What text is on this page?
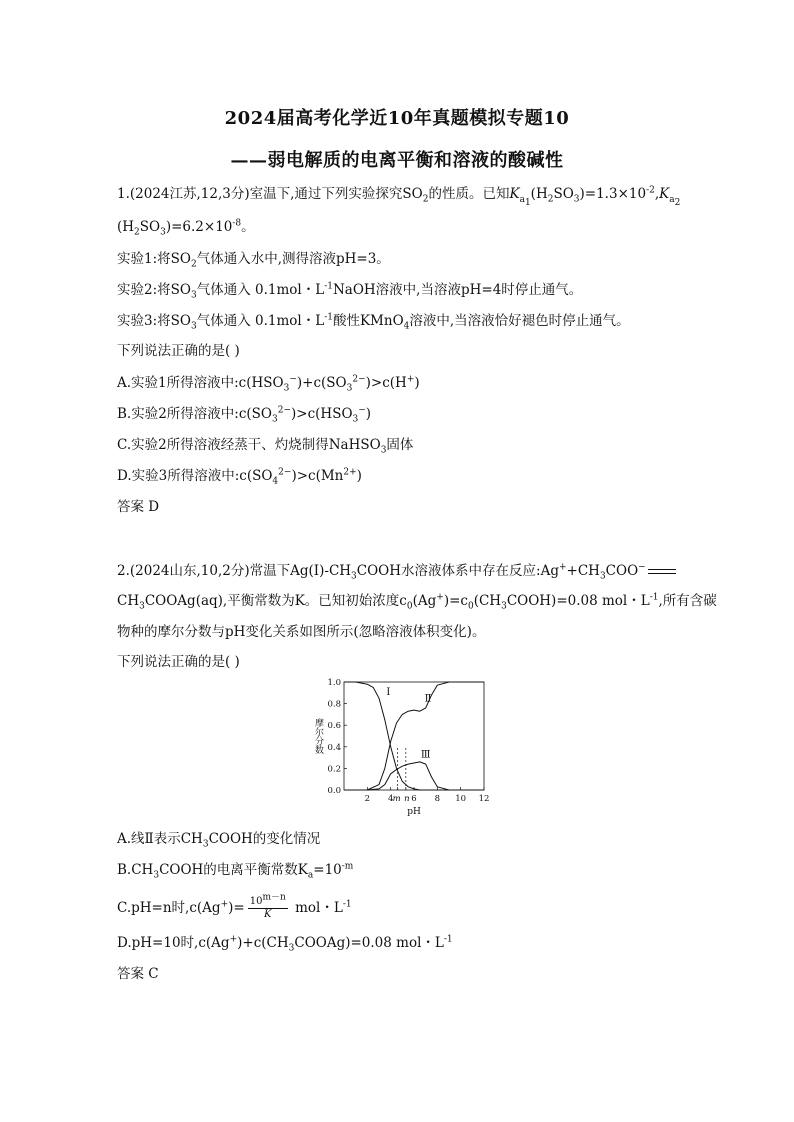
2024届高考化学近10年真题模拟专题10
——弱电解质的电离平衡和溶液的酸碱性
1.(2024江苏,12,3分)室温下,通过下列实验探究$SO_2$的性质。已知$K_{a_1}(H_2SO_3)=1.3\times 10^{-2},K_{a_2}$
$(H_2SO_3)=6.2\times 10^{-8}$。
实验1:将$SO_2$气体通入水中,测得溶液pH=3。
实验2:将$SO_3$气体通入 0.1mol・$L^{-1}NaOH$溶液中,当溶液pH=4时停止通气。
实验3:将$SO_3$气体通入 0.1mol・$L^{-1}$酸性KMnO$_4$溶液中,当溶液恰好褪色时停止通气。
下列说法正确的是( )
A.实验1所得溶液中$:c(HSO_3^-)+c(SO_3^{2-})>c(H^+)$
B.实验2所得溶液中$:c(SO_3^{2-})>c(HSO_3^-)$
C.实验2所得溶液经蒸干、灼烧制得NaHSO$_3$固体
D.实验3所得溶液中$:c(SO_4^{2-})>c(Mn^{2+})$
答案 D
2.(2024山东,10,2分)常温下$Ag(Ⅰ)-CH_3COOH$水溶液体系中存在反应$:Ag^++CH_3COO^-$
$CH_3COOAg(aq)$,平衡常数为K。已知初始浓度$c_0(Ag^+)=c_0(CH_3COOH)=0.08$ mol・$L^{-1}$,所有含碳
物种的摩尔分数与pH变化关系如图所示(忽略溶液体积变化)。
下列说法正确的是( )
0.0
0.2
0.4
0.6
0.8
1.0
2 4 m n 6 8 10 12
pH
摩尔分数
Ⅰ
Ⅱ
Ⅲ
A.线Ⅱ表示$CH_3COOH$的变化情况
$B.CH_3COOH$的电离平衡常数$K_a=10^{-m}$
C.pH=n时$,c(Ag^+)= \frac{10^{m-n}}{K}$ mol・$L^{-1}$
D.pH=10时$,c(Ag^+)+c(CH_3COOAg)=0.08$ mol・$L^{-1}$
答案 C
